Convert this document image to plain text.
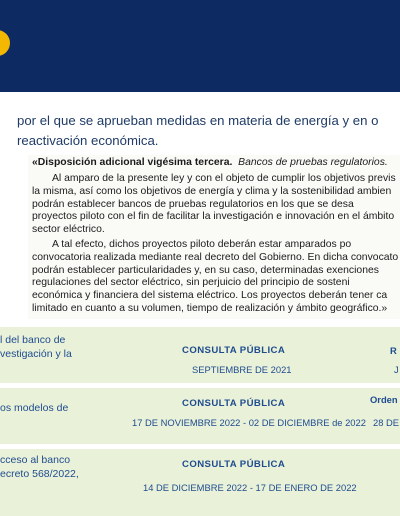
por el que se aprueban medidas en materia de energía y en o
reactivación económica.
«Disposición adicional vigésima tercera. Bancos de pruebas regulatorios.
Al amparo de la presente ley y con el objeto de cumplir los objetivos previs
la misma, así como los objetivos de energía y clima y la sostenibilidad ambien
podrán establecer bancos de pruebas regulatorios en los que se desa
proyectos piloto con el fin de facilitar la investigación e innovación en el ámbito
sector eléctrico.
A tal efecto, dichos proyectos piloto deberán estar amparados po
convocatoria realizada mediante real decreto del Gobierno. En dicha convocato
podrán establecer particularidades y, en su caso, determinadas exenciones
regulaciones del sector eléctrico, sin perjuicio del principio de sosteni
económica y financiera del sistema eléctrico. Los proyectos deberán tener ca
limitado en cuanto a su volumen, tiempo de realización y ámbito geográfico.»
l del banco de
vestigación y la	CONSULTA PÚBLICA
SEPTIEMBRE DE 2021
R
J
os modelos de	CONSULTA PÚBLICA
17 DE NOVIEMBRE 2022 - 02 DE DICIEMBRE de 2022
Orden
28 DE
cceso al banco
ecreto 568/2022,
CONSULTA PÚBLICA
14 DE DICIEMBRE 2022 - 17 DE ENERO DE 2022
